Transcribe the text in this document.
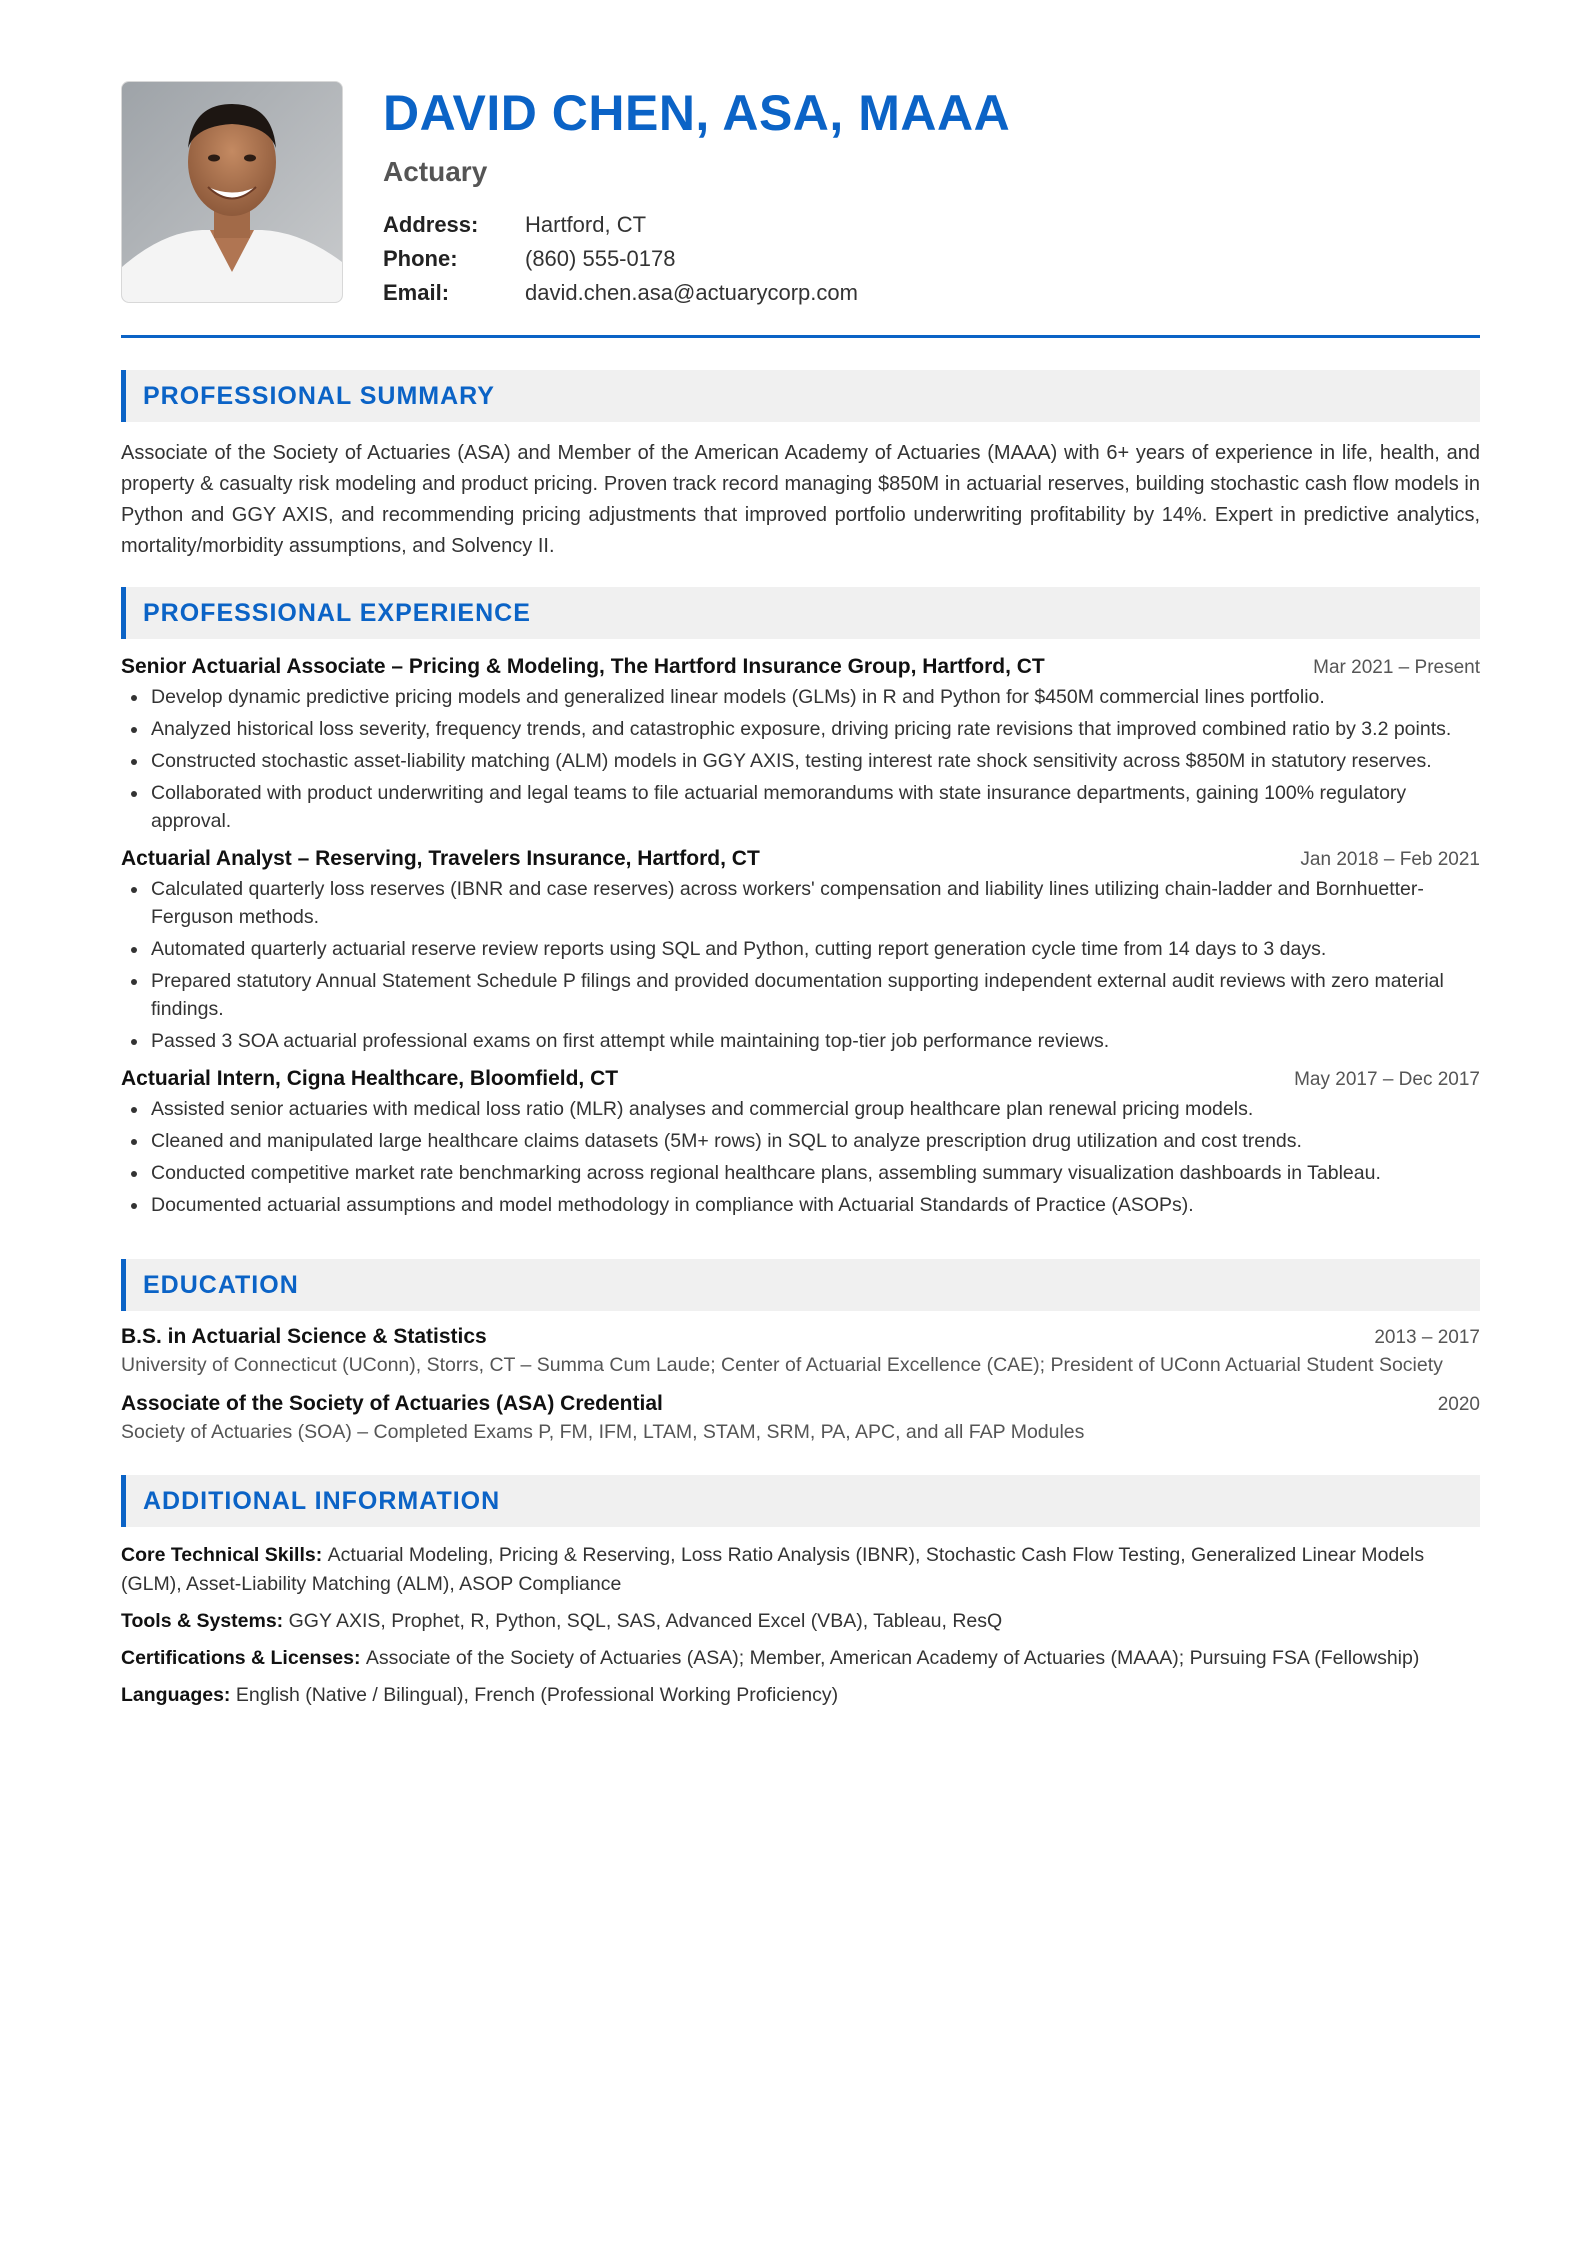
DAVID CHEN, ASA, MAAA
Actuary
Address:	Hartford, CT
Phone:	(860) 555-0178
Email:	david.chen.asa@actuarycorp.com
PROFESSIONAL SUMMARY

Associate of the Society of Actuaries (ASA) and Member of the American Academy of Actuaries (MAAA) with 6+ years of experience in life, health, and property & casualty risk modeling and product pricing. Proven track record managing $850M in actuarial reserves, building stochastic cash flow models in Python and GGY AXIS, and recommending pricing adjustments that improved portfolio underwriting profitability by 14%. Expert in predictive analytics, mortality/morbidity assumptions, and Solvency II.

PROFESSIONAL EXPERIENCE
Senior Actuarial Associate – Pricing & Modeling, The Hartford Insurance Group, Hartford, CT	Mar 2021 – Present
• Develop dynamic predictive pricing models and generalized linear models (GLMs) in R and Python for $450M commercial lines portfolio.
• Analyzed historical loss severity, frequency trends, and catastrophic exposure, driving pricing rate revisions that improved combined ratio by 3.2 points.
• Constructed stochastic asset-liability matching (ALM) models in GGY AXIS, testing interest rate shock sensitivity across $850M in statutory reserves.
• Collaborated with product underwriting and legal teams to file actuarial memorandums with state insurance departments, gaining 100% regulatory approval.
Actuarial Analyst – Reserving, Travelers Insurance, Hartford, CT	Jan 2018 – Feb 2021
• Calculated quarterly loss reserves (IBNR and case reserves) across workers' compensation and liability lines utilizing chain-ladder and Bornhuetter-Ferguson methods.
• Automated quarterly actuarial reserve review reports using SQL and Python, cutting report generation cycle time from 14 days to 3 days.
• Prepared statutory Annual Statement Schedule P filings and provided documentation supporting independent external audit reviews with zero material findings.
• Passed 3 SOA actuarial professional exams on first attempt while maintaining top-tier job performance reviews.
Actuarial Intern, Cigna Healthcare, Bloomfield, CT	May 2017 – Dec 2017
• Assisted senior actuaries with medical loss ratio (MLR) analyses and commercial group healthcare plan renewal pricing models.
• Cleaned and manipulated large healthcare claims datasets (5M+ rows) in SQL to analyze prescription drug utilization and cost trends.
• Conducted competitive market rate benchmarking across regional healthcare plans, assembling summary visualization dashboards in Tableau.
• Documented actuarial assumptions and model methodology in compliance with Actuarial Standards of Practice (ASOPs).
EDUCATION
B.S. in Actuarial Science & Statistics	2013 – 2017
University of Connecticut (UConn), Storrs, CT – Summa Cum Laude; Center of Actuarial Excellence (CAE); President of UConn Actuarial Student Society
Associate of the Society of Actuaries (ASA) Credential	2020
Society of Actuaries (SOA) – Completed Exams P, FM, IFM, LTAM, STAM, SRM, PA, APC, and all FAP Modules
ADDITIONAL INFORMATION
Core Technical Skills: Actuarial Modeling, Pricing & Reserving, Loss Ratio Analysis (IBNR), Stochastic Cash Flow Testing, Generalized Linear Models (GLM), Asset-Liability Matching (ALM), ASOP Compliance
Tools & Systems: GGY AXIS, Prophet, R, Python, SQL, SAS, Advanced Excel (VBA), Tableau, ResQ
Certifications & Licenses: Associate of the Society of Actuaries (ASA); Member, American Academy of Actuaries (MAAA); Pursuing FSA (Fellowship)
Languages: English (Native / Bilingual), French (Professional Working Proficiency)
